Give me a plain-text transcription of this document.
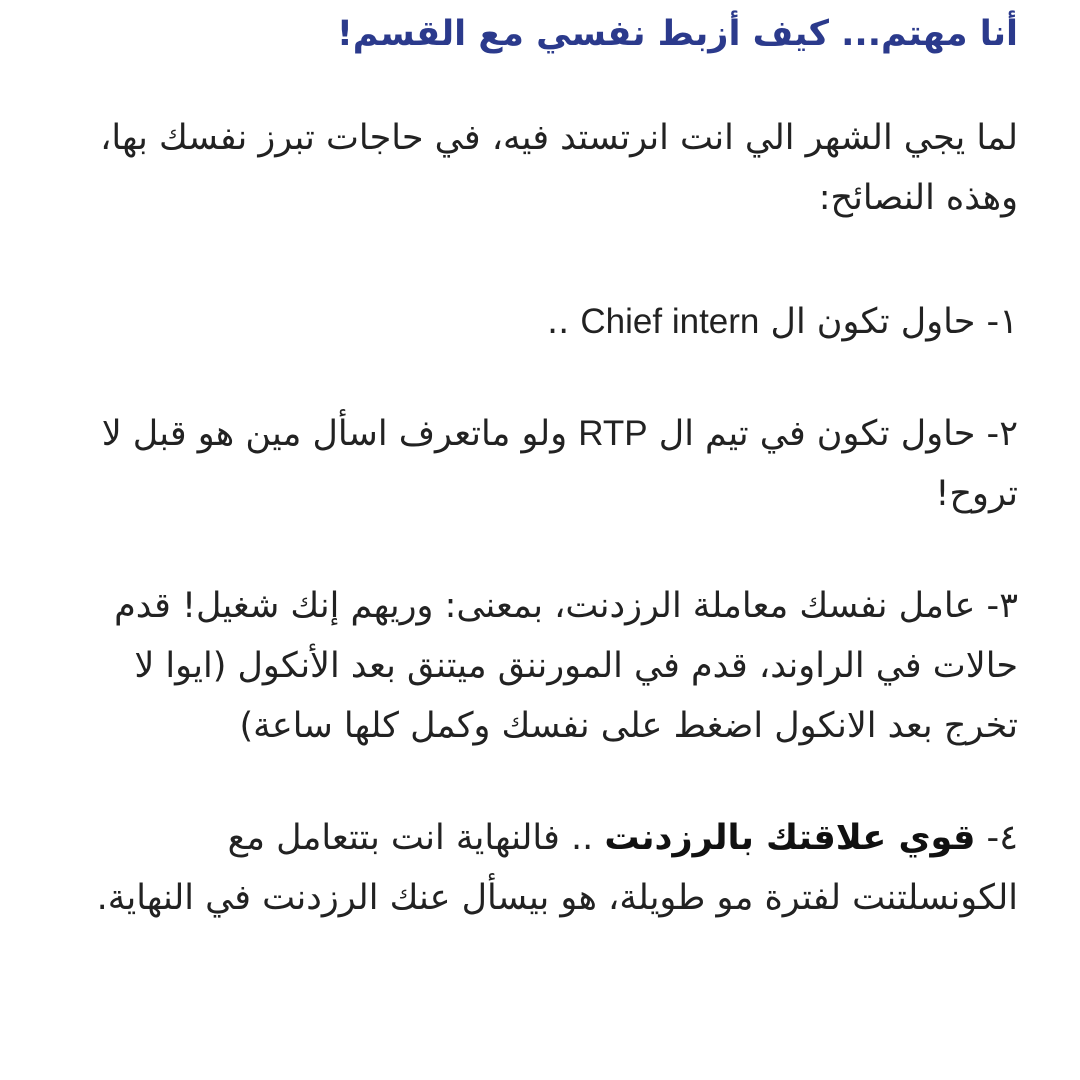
أنا مهتم... كيف أزبط نفسي مع القسم!

لما يجي الشهر الي انت انرتستد فيه، في حاجات تبرز نفسك بها، وهذه النصائح:

١- حاول تكون ال Chief intern ..

٢- حاول تكون في تيم ال RTP ولو ماتعرف اسأل مين هو قبل لا تروح!

٣- عامل نفسك معاملة الرزدنت، بمعنى: وريهم إنك شغيل! قدم حالات في الراوند، قدم في المورننق ميتنق بعد الأنكول (ايوا لا تخرج بعد الانكول اضغط على نفسك وكمل كلها ساعة)

٤- قوي علاقتك بالرزدنت .. فالنهاية انت بتتعامل مع الكونسلتنت لفترة مو طويلة، هو بيسأل عنك الرزدنت في النهاية.
